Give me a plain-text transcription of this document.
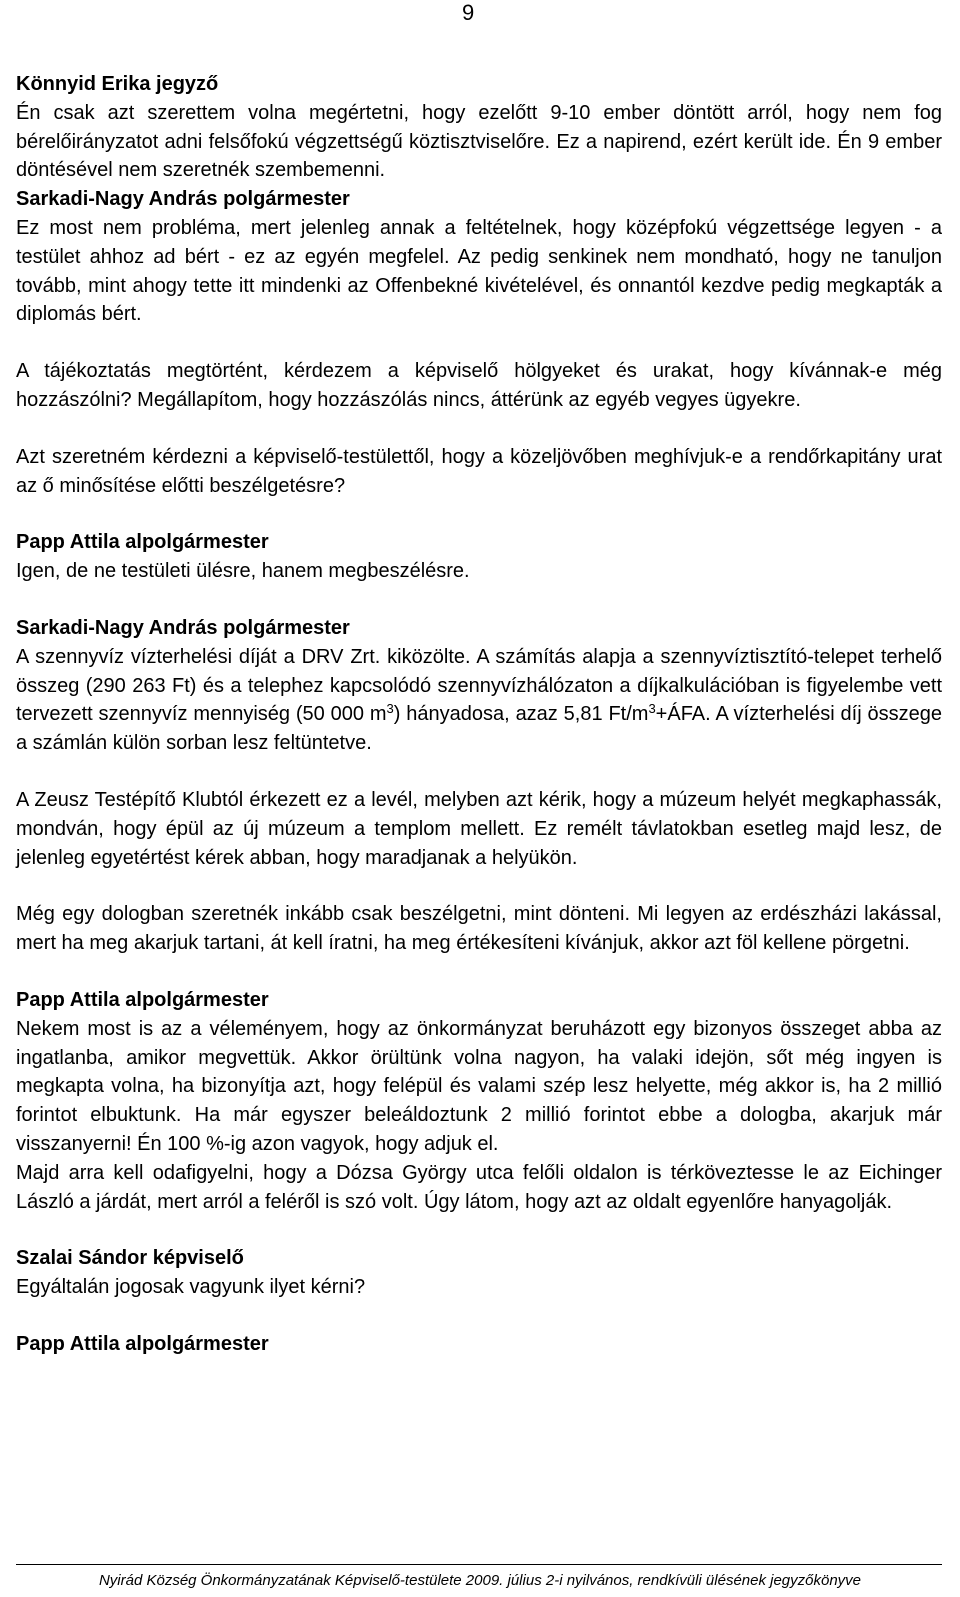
9
Könnyid Erika jegyző
Én csak azt szerettem volna megértetni, hogy ezelőtt 9-10 ember döntött arról, hogy nem fog bérelőirányzatot adni felsőfokú végzettségű köztisztviselőre. Ez a napirend, ezért került ide. Én 9 ember döntésével nem szeretnék szembemenni.
Sarkadi-Nagy András polgármester
Ez most nem probléma, mert jelenleg annak a feltételnek, hogy középfokú végzettsége legyen - a testület ahhoz ad bért - ez az egyén megfelel. Az pedig senkinek nem mondható, hogy ne tanuljon tovább, mint ahogy tette itt mindenki az Offenbekné kivételével, és onnantól kezdve pedig megkapták a diplomás bért.
A tájékoztatás megtörtént, kérdezem a képviselő hölgyeket és urakat, hogy kívánnak-e még hozzászólni? Megállapítom, hogy hozzászólás nincs, áttérünk az egyéb vegyes ügyekre.
Azt szeretném kérdezni a képviselő-testülettől, hogy a közeljövőben meghívjuk-e a rendőrkapitány urat az ő minősítése előtti beszélgetésre?
Papp Attila alpolgármester
Igen, de ne testületi ülésre, hanem megbeszélésre.
Sarkadi-Nagy András polgármester
A szennyvíz vízterhelési díját a DRV Zrt. kiközölte. A számítás alapja a szennyvíztisztító-telepet terhelő összeg (290 263 Ft) és a telephez kapcsolódó szennyvízhálózaton a díjkalkulációban is figyelembe vett tervezett szennyvíz mennyiség (50 000 $m^3$) hányadosa, azaz 5,81 $Ft/m^3+ÁFA$. A vízterhelési díj összege a számlán külön sorban lesz feltüntetve.
A Zeusz Testépítő Klubtól érkezett ez a levél, melyben azt kérik, hogy a múzeum helyét megkaphassák, mondván, hogy épül az új múzeum a templom mellett. Ez remélt távlatokban esetleg majd lesz, de jelenleg egyetértést kérek abban, hogy maradjanak a helyükön.
Még egy dologban szeretnék inkább csak beszélgetni, mint dönteni. Mi legyen az erdészházi lakással, mert ha meg akarjuk tartani, át kell íratni, ha meg értékesíteni kívánjuk, akkor azt föl kellene pörgetni.
Papp Attila alpolgármester
Nekem most is az a véleményem, hogy az önkormányzat beruházott egy bizonyos összeget abba az ingatlanba, amikor megvettük. Akkor örültünk volna nagyon, ha valaki idejön, sőt még ingyen is megkapta volna, ha bizonyítja azt, hogy felépül és valami szép lesz helyette, még akkor is, ha 2 millió forintot elbuktunk. Ha már egyszer beleáldoztunk 2 millió forintot ebbe a dologba, akarjuk már visszanyerni! Én 100 %-ig azon vagyok, hogy adjuk el.
Majd arra kell odafigyelni, hogy a Dózsa György utca felőli oldalon is térköveztesse le az Eichinger László a járdát, mert arról a feléről is szó volt. Úgy látom, hogy azt az oldalt egyenlőre hanyagolják.
Szalai Sándor képviselő
Egyáltalán jogosak vagyunk ilyet kérni?
Papp Attila alpolgármester
Nyirád Község Önkormányzatának Képviselő-testülete 2009. július 2-i nyilvános, rendkívüli ülésének jegyzőkönyve
